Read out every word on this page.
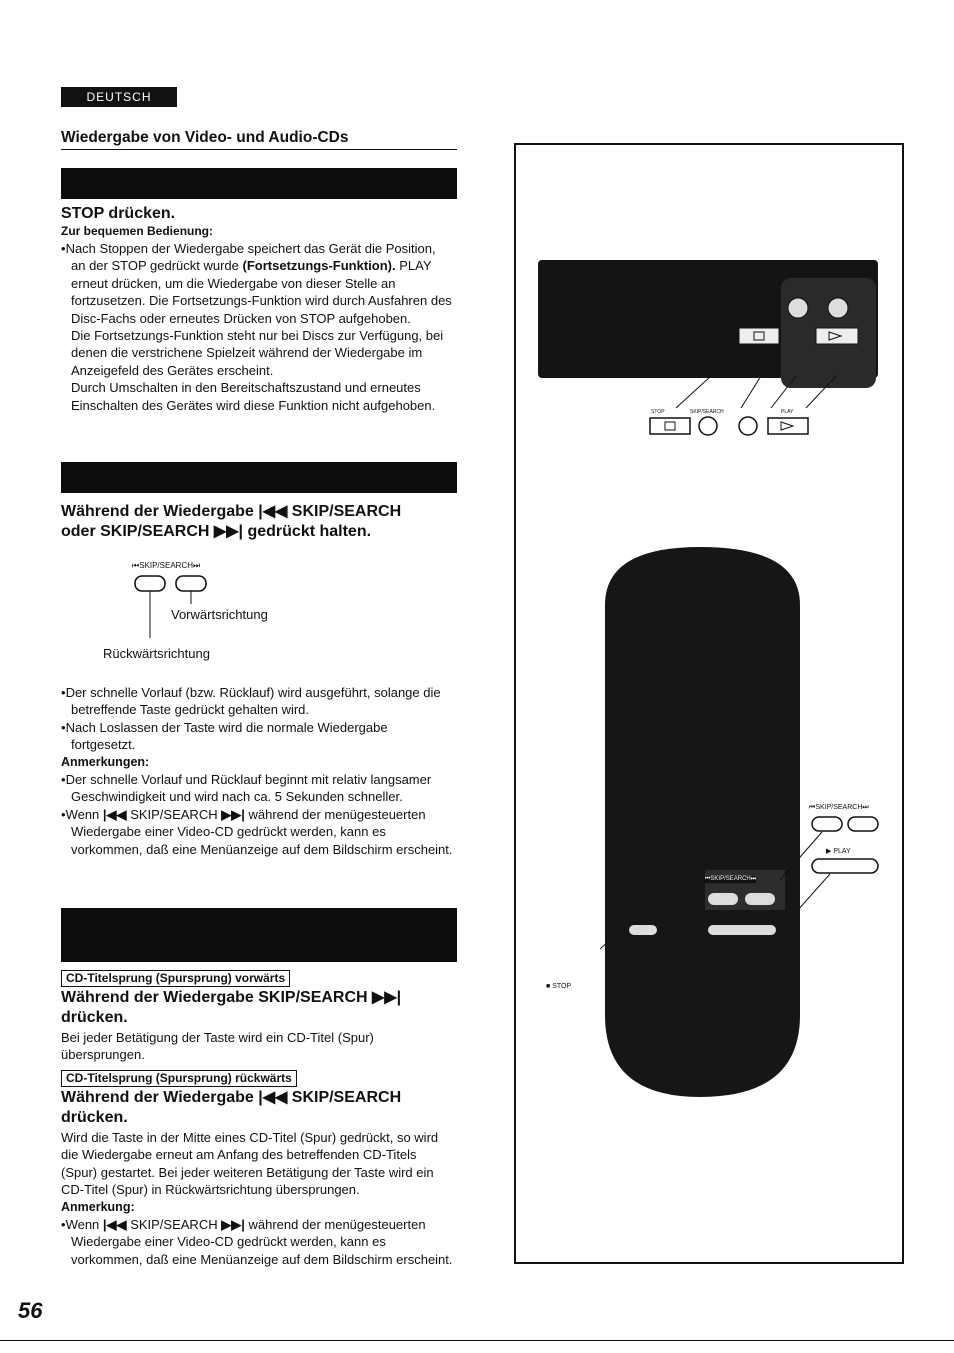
DEUTSCH
Wiedergabe von Video- und Audio-CDs
STOP drücken.
Zur bequemen Bedienung:
•Nach Stoppen der Wiedergabe speichert das Gerät die Position, an der STOP gedrückt wurde (Fortsetzungs-Funktion). PLAY erneut drücken, um die Wiedergabe von dieser Stelle an fortzusetzen. Die Fortsetzungs-Funktion wird durch Ausfahren des Disc-Fachs oder erneutes Drücken von STOP aufgehoben.
Die Fortsetzungs-Funktion steht nur bei Discs zur Verfügung, bei denen die verstrichene Spielzeit während der Wiedergabe im Anzeigefeld des Gerätes erscheint.
Durch Umschalten in den Bereitschaftszustand und erneutes Einschalten des Gerätes wird diese Funktion nicht aufgehoben.
Während der Wiedergabe |◀◀ SKIP/SEARCH
oder SKIP/SEARCH ▶▶| gedrückt halten.
⏮SKIP/SEARCH⏭
Vorwärtsrichtung
Rückwärtsrichtung
•Der schnelle Vorlauf (bzw. Rücklauf) wird ausgeführt, solange die betreffende Taste gedrückt gehalten wird.
•Nach Loslassen der Taste wird die normale Wiedergabe fortgesetzt.
Anmerkungen:
•Der schnelle Vorlauf und Rücklauf beginnt mit relativ langsamer Geschwindigkeit und wird nach ca. 5 Sekunden schneller.
•Wenn |◀◀ SKIP/SEARCH ▶▶| während der menügesteuerten Wiedergabe einer Video-CD gedrückt werden, kann es vorkommen, daß eine Menüanzeige auf dem Bildschirm erscheint.
CD-Titelsprung (Spursprung) vorwärts
Während der Wiedergabe SKIP/SEARCH ▶▶|
drücken.
Bei jeder Betätigung der Taste wird ein CD-Titel (Spur) übersprungen.
CD-Titelsprung (Spursprung) rückwärts
Während der Wiedergabe |◀◀ SKIP/SEARCH
drücken.
Wird die Taste in der Mitte eines CD-Titel (Spur) gedrückt, so wird die Wiedergabe erneut am Anfang des betreffenden CD-Titels (Spur) gestartet. Bei jeder weiteren Betätigung der Taste wird ein CD-Titel (Spur) in Rückwärtsrichtung übersprungen.
Anmerkung:
•Wenn |◀◀ SKIP/SEARCH ▶▶| während der menügesteuerten Wiedergabe einer Video-CD gedrückt werden, kann es vorkommen, daß eine Menüanzeige auf dem Bildschirm erscheint.
STOP	SKIP/SEARCH	PLAY
⏮SKIP/SEARCH⏭
▶ PLAY
⏮SKIP/SEARCH⏭
■ STOP
56
